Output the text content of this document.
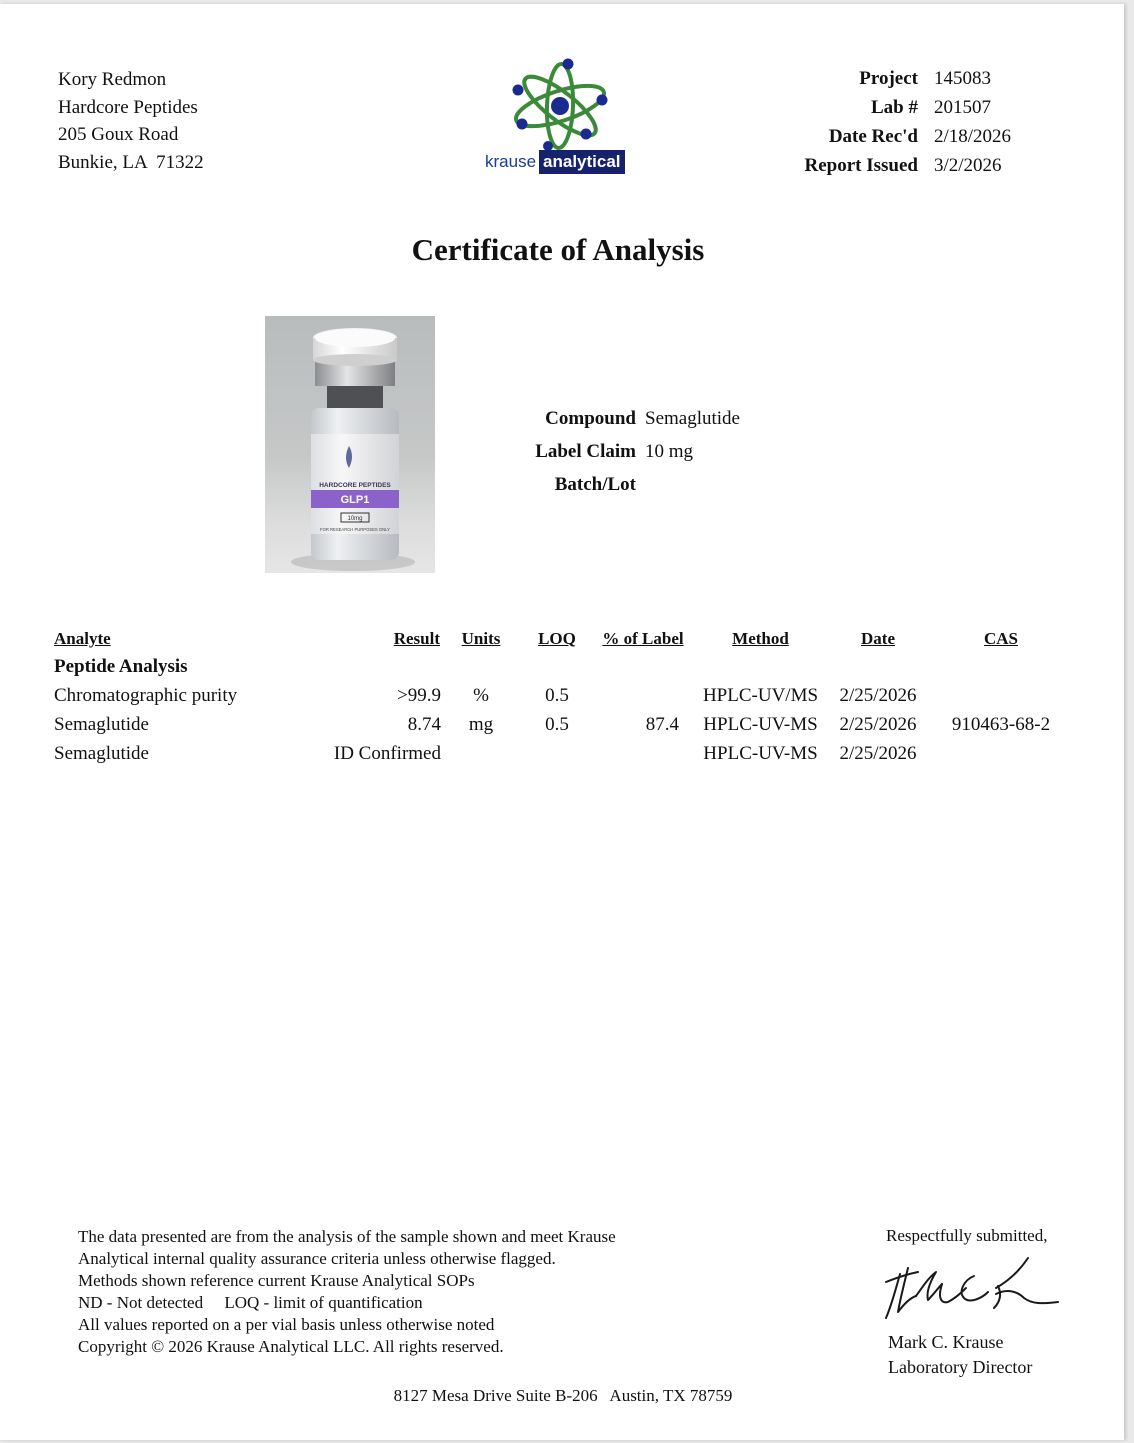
Kory Redmon
Hardcore Peptides
205 Goux Road
Bunkie, LA  71322	krause analytical
Project	145083
Lab #	201507
Date Rec'd	2/18/2026
Report Issued	3/2/2026
Certificate of Analysis
HARDCORE PEPTIDES
GLP1
10mg
FOR RESEARCH PURPOSES ONLY
Compound	Semaglutide
Label Claim	10 mg
Batch/Lot	
Analyte	Result	Units	LOQ	% of Label	Method	Date	CAS
Peptide Analysis							
Chromatographic purity	>99.9	%	0.5		HPLC-UV/MS	2/25/2026	
Semaglutide	8.74	mg	0.5	87.4	HPLC-UV-MS	2/25/2026	910463-68-2
Semaglutide	ID Confirmed				HPLC-UV-MS	2/25/2026	
The data presented are from the analysis of the sample shown and meet Krause
Analytical internal quality assurance criteria unless otherwise flagged.
Methods shown reference current Krause Analytical SOPs
ND - Not detected     LOQ - limit of quantification
All values reported on a per vial basis unless otherwise noted
Copyright © 2026 Krause Analytical LLC. All rights reserved.
Respectfully submitted,
Mark C. Krause
Laboratory Director
8127 Mesa Drive Suite B-206   Austin, TX 78759
